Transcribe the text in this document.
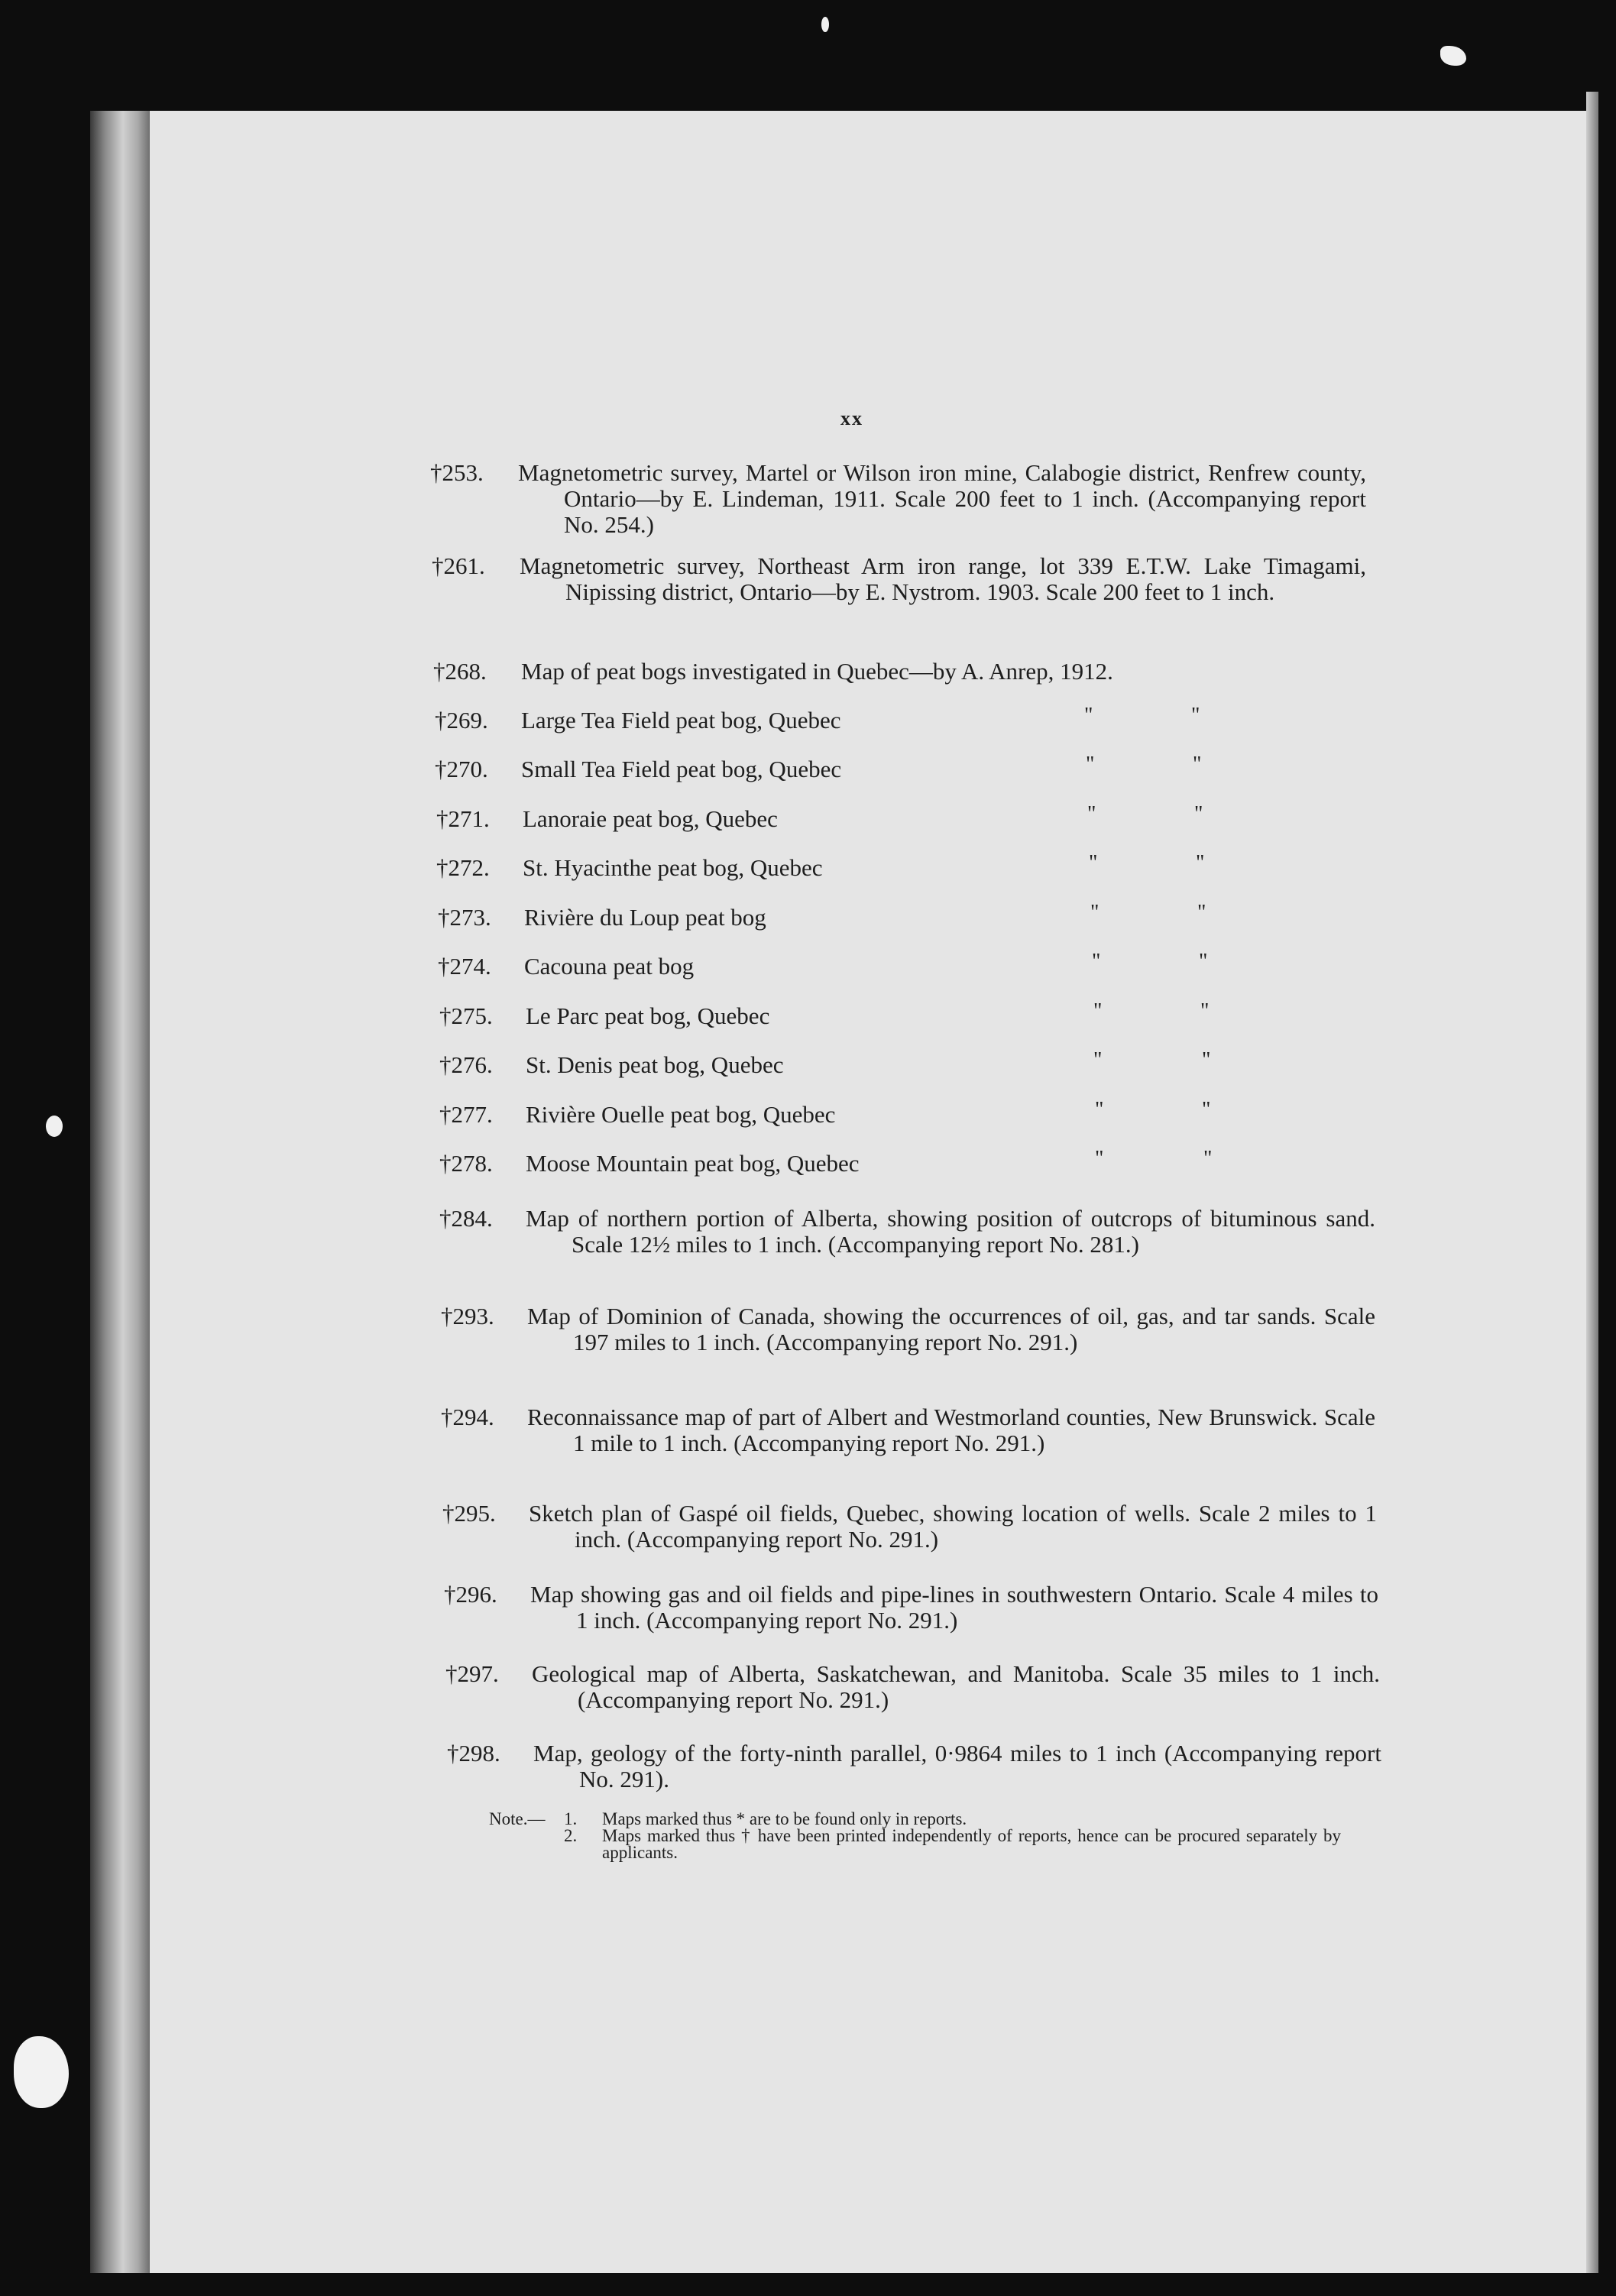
xx
†253. Magnetometric survey, Martel or Wilson iron mine, Calabogie district, Renfrew county, Ontario—by E. Lindeman, 1911. Scale 200 feet to 1 inch. (Accompanying report No. 254.)
†261. Magnetometric survey, Northeast Arm iron range, lot 339 E.T.W. Lake Timagami, Nipissing district, Ontario—by E. Nystrom. 1903. Scale 200 feet to 1 inch.
†268. Map of peat bogs investigated in Quebec—by A. Anrep, 1912.
†269. Large Tea Field peat bog, Quebec	"	"
†270. Small Tea Field peat bog, Quebec	"	"
†271. Lanoraie peat bog, Quebec	"	"
†272. St. Hyacinthe peat bog, Quebec	"	"
†273. Rivière du Loup peat bog	"	"
†274. Cacouna peat bog	"	"
†275. Le Parc peat bog, Quebec	"	"
†276. St. Denis peat bog, Quebec	"	"
†277. Rivière Ouelle peat bog, Quebec	"	"
†278. Moose Mountain peat bog, Quebec	"	"
†284. Map of northern portion of Alberta, showing position of outcrops of bituminous sand. Scale 12½ miles to 1 inch. (Accompanying report No. 281.)
†293. Map of Dominion of Canada, showing the occurrences of oil, gas, and tar sands. Scale 197 miles to 1 inch. (Accompanying report No. 291.)
†294. Reconnaissance map of part of Albert and Westmorland counties, New Brunswick. Scale 1 mile to 1 inch. (Accompanying report No. 291.)
†295. Sketch plan of Gaspé oil fields, Quebec, showing location of wells. Scale 2 miles to 1 inch. (Accompanying report No. 291.)
†296. Map showing gas and oil fields and pipe-lines in southwestern Ontario. Scale 4 miles to 1 inch. (Accompanying report No. 291.)
†297. Geological map of Alberta, Saskatchewan, and Manitoba. Scale 35 miles to 1 inch. (Accompanying report No. 291.)
†298. Map, geology of the forty-ninth parallel, 0·9864 miles to 1 inch (Accompanying report No. 291).
Note.— 1. Maps marked thus * are to be found only in reports.
2. Maps marked thus † have been printed independently of reports, hence can be procured separately by applicants.
